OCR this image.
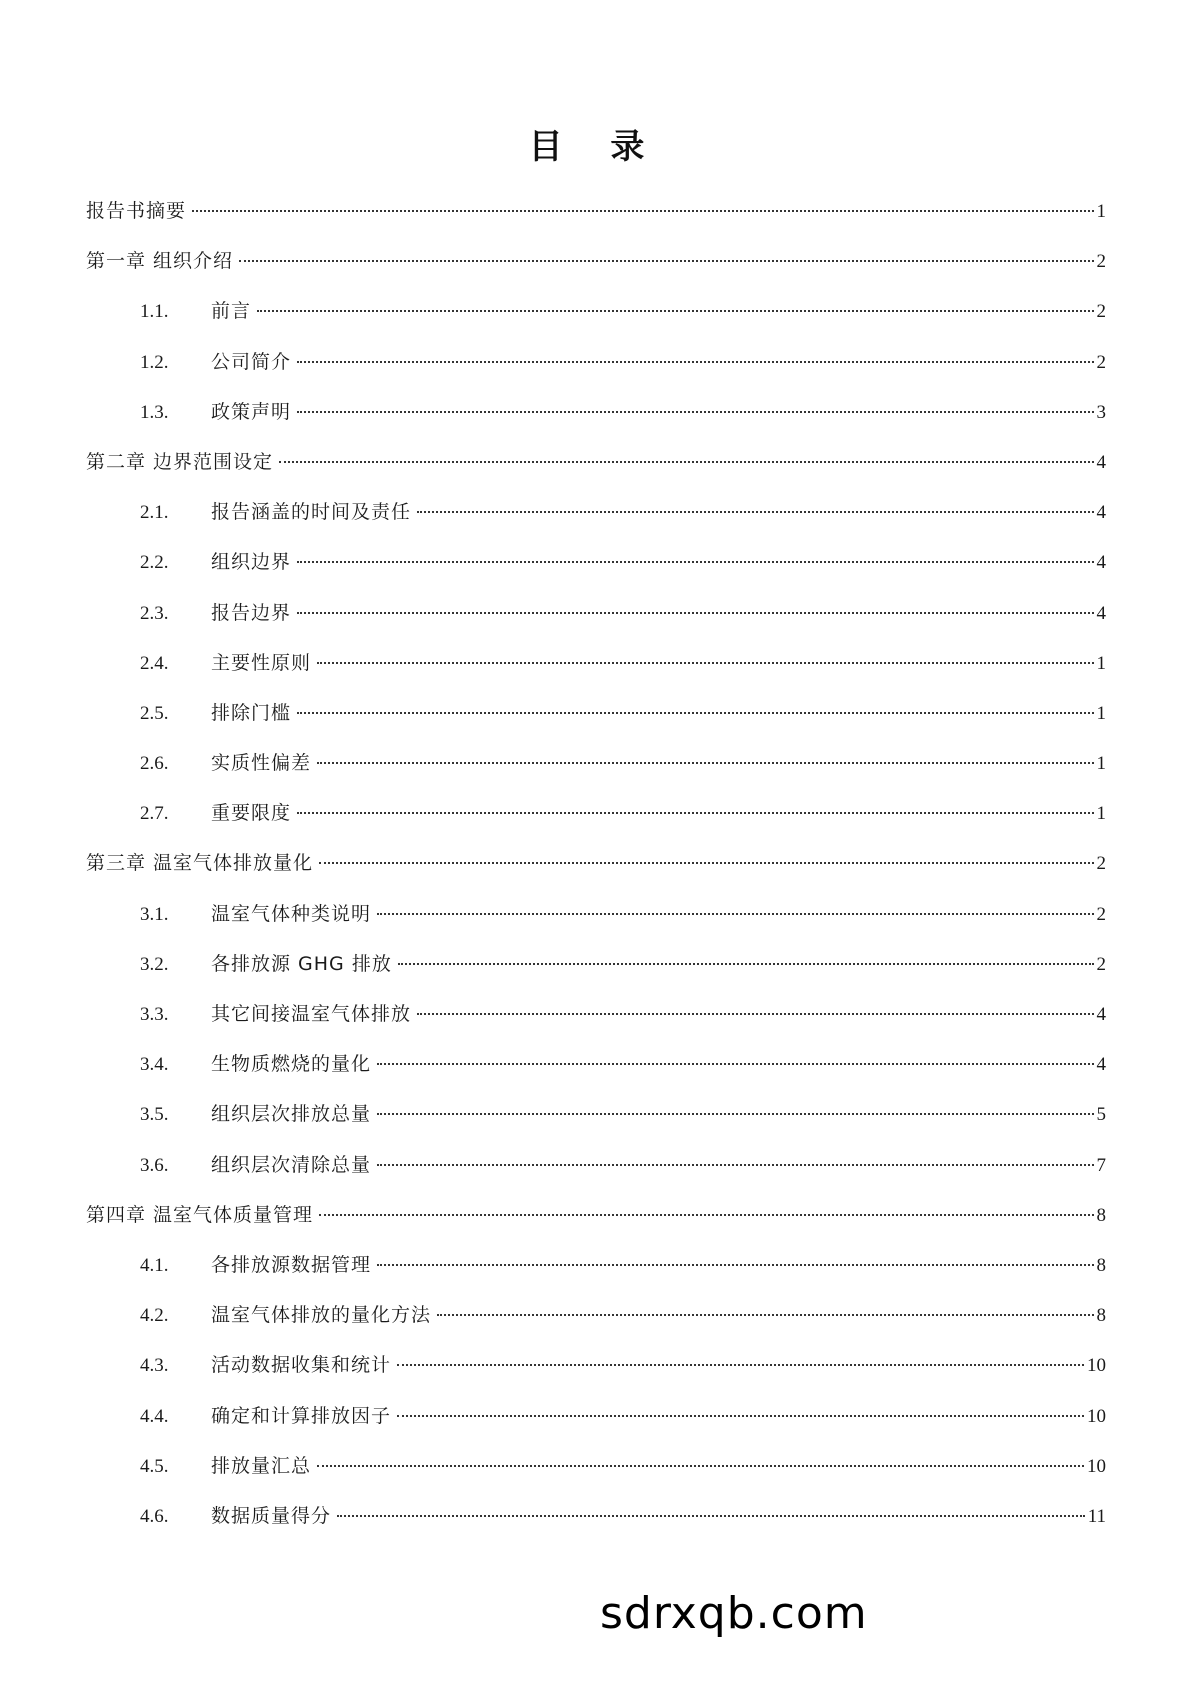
目 录
报告书摘要	1
第一章 组织介绍	2
1.1.	前言	2
1.2.	公司简介	2
1.3.	政策声明	3
第二章 边界范围设定	4
2.1.	报告涵盖的时间及责任	4
2.2.	组织边界	4
2.3.	报告边界	4
2.4.	主要性原则	1
2.5.	排除门槛	1
2.6.	实质性偏差	1
2.7.	重要限度	1
第三章 温室气体排放量化	2
3.1.	温室气体种类说明	2
3.2.	各排放源 GHG 排放	2
3.3.	其它间接温室气体排放	4
3.4.	生物质燃烧的量化	4
3.5.	组织层次排放总量	5
3.6.	组织层次清除总量	7
第四章 温室气体质量管理	8
4.1.	各排放源数据管理	8
4.2.	温室气体排放的量化方法	8
4.3.	活动数据收集和统计	10
4.4.	确定和计算排放因子	10
4.5.	排放量汇总	10
4.6.	数据质量得分	11
sdrxqb.com
